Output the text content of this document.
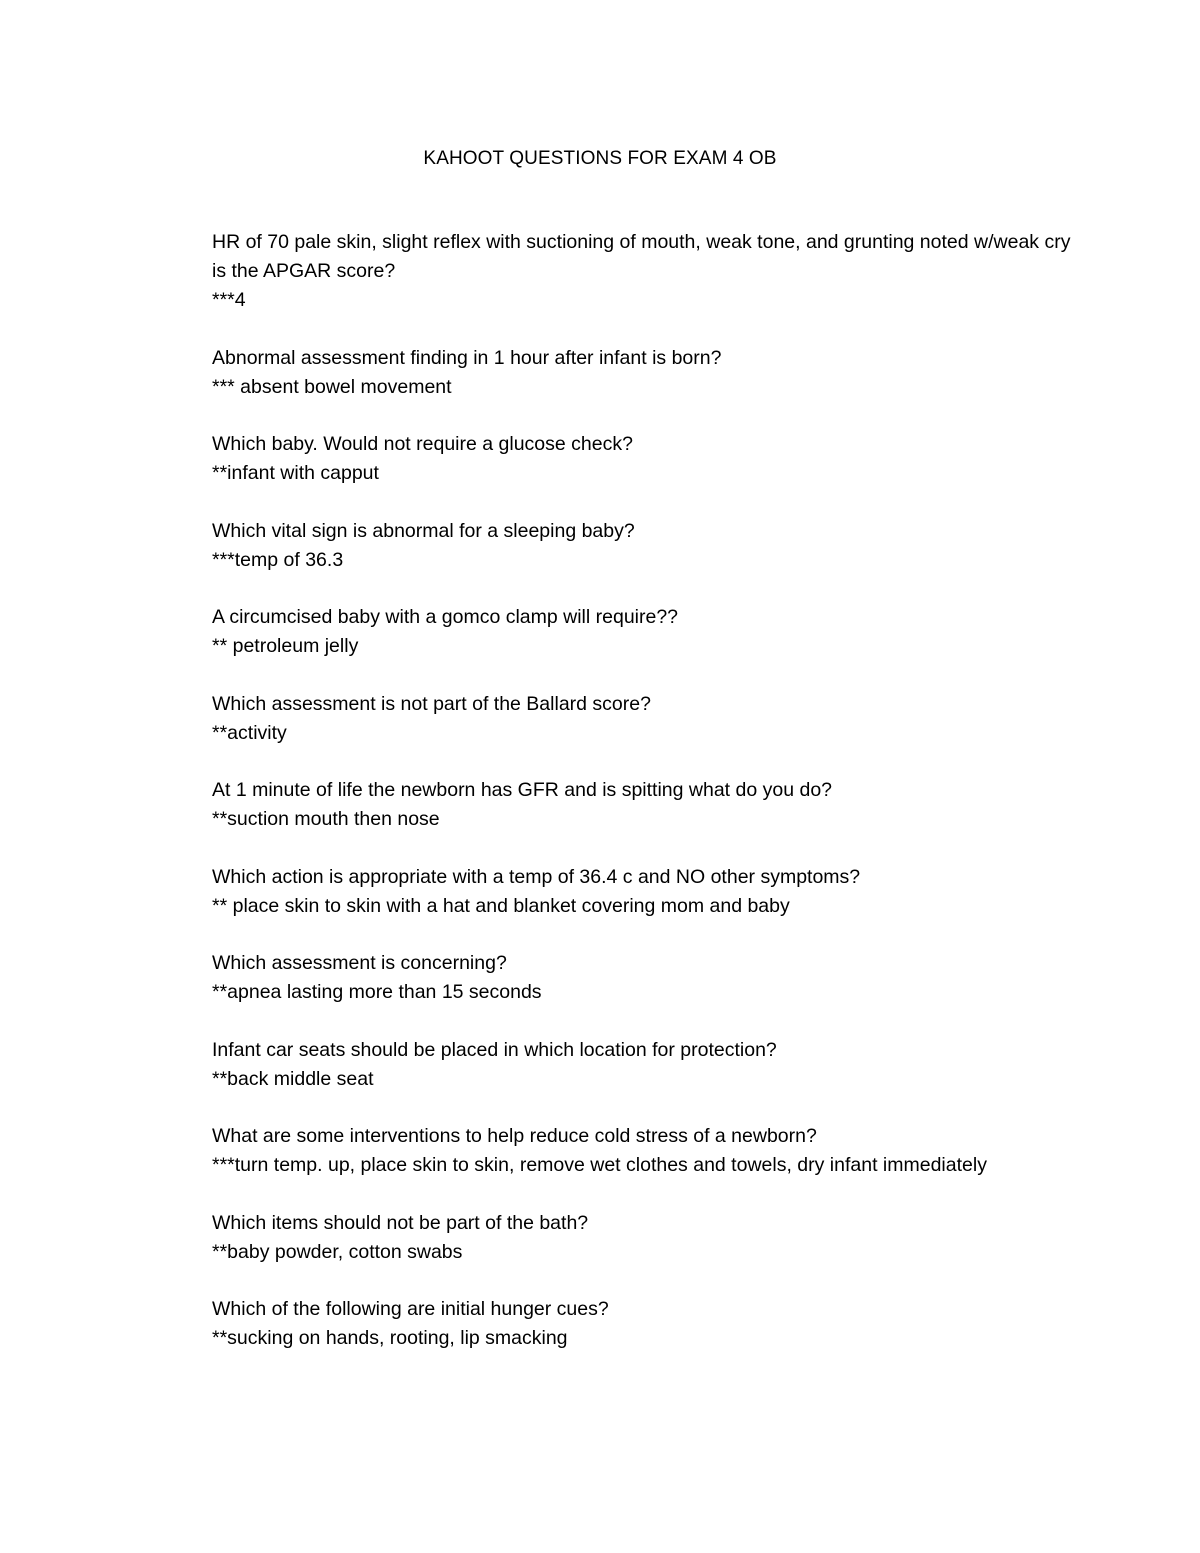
KAHOOT QUESTIONS FOR EXAM 4 OB
HR of 70 pale skin, slight reflex with suctioning of mouth, weak tone, and grunting noted w/weak cry is the APGAR score?
***4
Abnormal assessment finding in 1 hour after infant is born?
*** absent bowel movement
Which baby. Would not require a glucose check?
**infant with capput
Which vital sign is abnormal for a sleeping baby?
***temp of 36.3
A circumcised baby with a gomco clamp will require??
** petroleum jelly
Which assessment is not part of the Ballard score?
**activity
At 1 minute of life the newborn has GFR and is spitting what do you do?
**suction mouth then nose
Which action is appropriate with a temp of 36.4 c and NO other symptoms?
** place skin to skin with a hat and blanket covering mom and baby
Which assessment is concerning?
**apnea lasting more than 15 seconds
Infant car seats should be placed in which location for protection?
**back middle seat
What are some interventions to help reduce cold stress of a newborn?
***turn temp. up, place skin to skin, remove wet clothes and towels, dry infant immediately
Which items should not be part of the bath?
**baby powder, cotton swabs
Which of the following are initial hunger cues?
**sucking on hands, rooting, lip smacking
